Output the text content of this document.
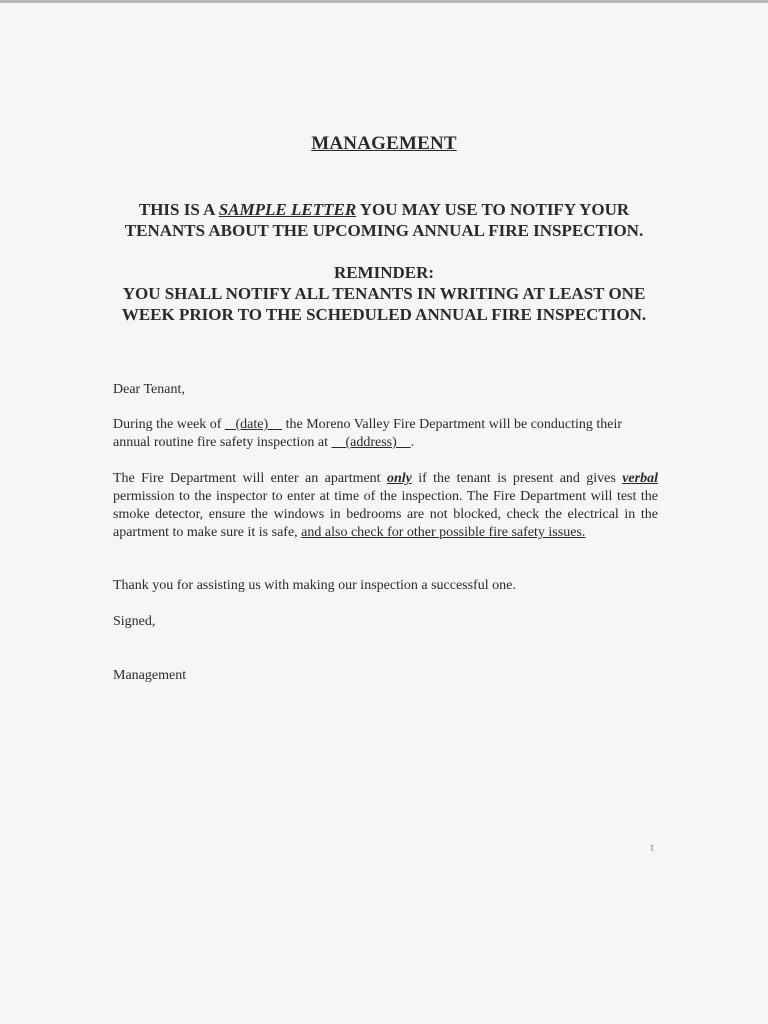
MANAGEMENT
THIS IS A SAMPLE LETTER YOU MAY USE TO NOTIFY YOUR TENANTS ABOUT THE UPCOMING ANNUAL FIRE INSPECTION.
REMINDER:
YOU SHALL NOTIFY ALL TENANTS IN WRITING AT LEAST ONE WEEK PRIOR TO THE SCHEDULED ANNUAL FIRE INSPECTION.
Dear Tenant,
During the week of    (date)     the Moreno Valley Fire Department will be conducting their annual routine fire safety inspection at     (address)    .
The Fire Department will enter an apartment only if the tenant is present and gives verbal permission to the inspector to enter at time of the inspection. The Fire Department will test the smoke detector, ensure the windows in bedrooms are not blocked, check the electrical in the apartment to make sure it is safe, and also check for other possible fire safety issues.
Thank you for assisting us with making our inspection a successful one.
Signed,
Management
ɽ
